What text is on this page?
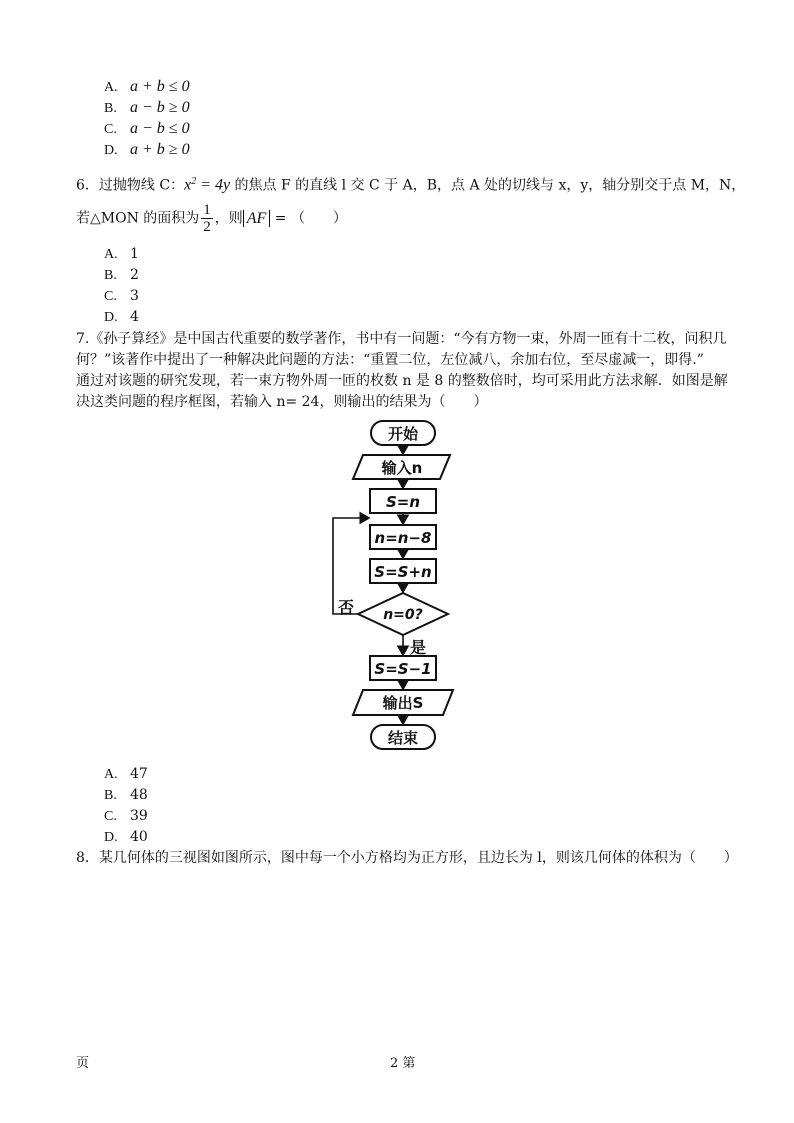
A. a + b ≤ 0
B. a − b ≥ 0
C. a − b ≤ 0
D. a + b ≥ 0
6．过抛物线 C：$x^2 = 4y$ 的焦点 F 的直线 l 交 C 于 A，B，点 A 处的切线与 x，y，轴分别交于点 M，N，
若△MON 的面积为 $\frac{1}{2}$ ，则 AF = （　　）
A. 1
B. 2
C. 3
D. 4
7.《孙子算经》是中国古代重要的数学著作，书中有一问题：“今有方物一束，外周一匝有十二枚，问积几
何？”该著作中提出了一种解决此问题的方法：“重置二位，左位减八，余加右位，至尽虚减一，即得.”
通过对该题的研究发现，若一束方物外周一匝的枚数 n 是 8 的整数倍时，均可采用此方法求解．如图是解
决这类问题的程序框图，若输入 n= 24，则输出的结果为（　　）
开始
输入n
S=n
n=n−8
S=S+n
n=0?
否
是
S=S−1
输出S
结束
A. 47
B. 48
C. 39
D. 40
8．某几何体的三视图如图所示，图中每一个小方格均为正方形，且边长为 l，则该几何体的体积为（　　）
页	2 第
